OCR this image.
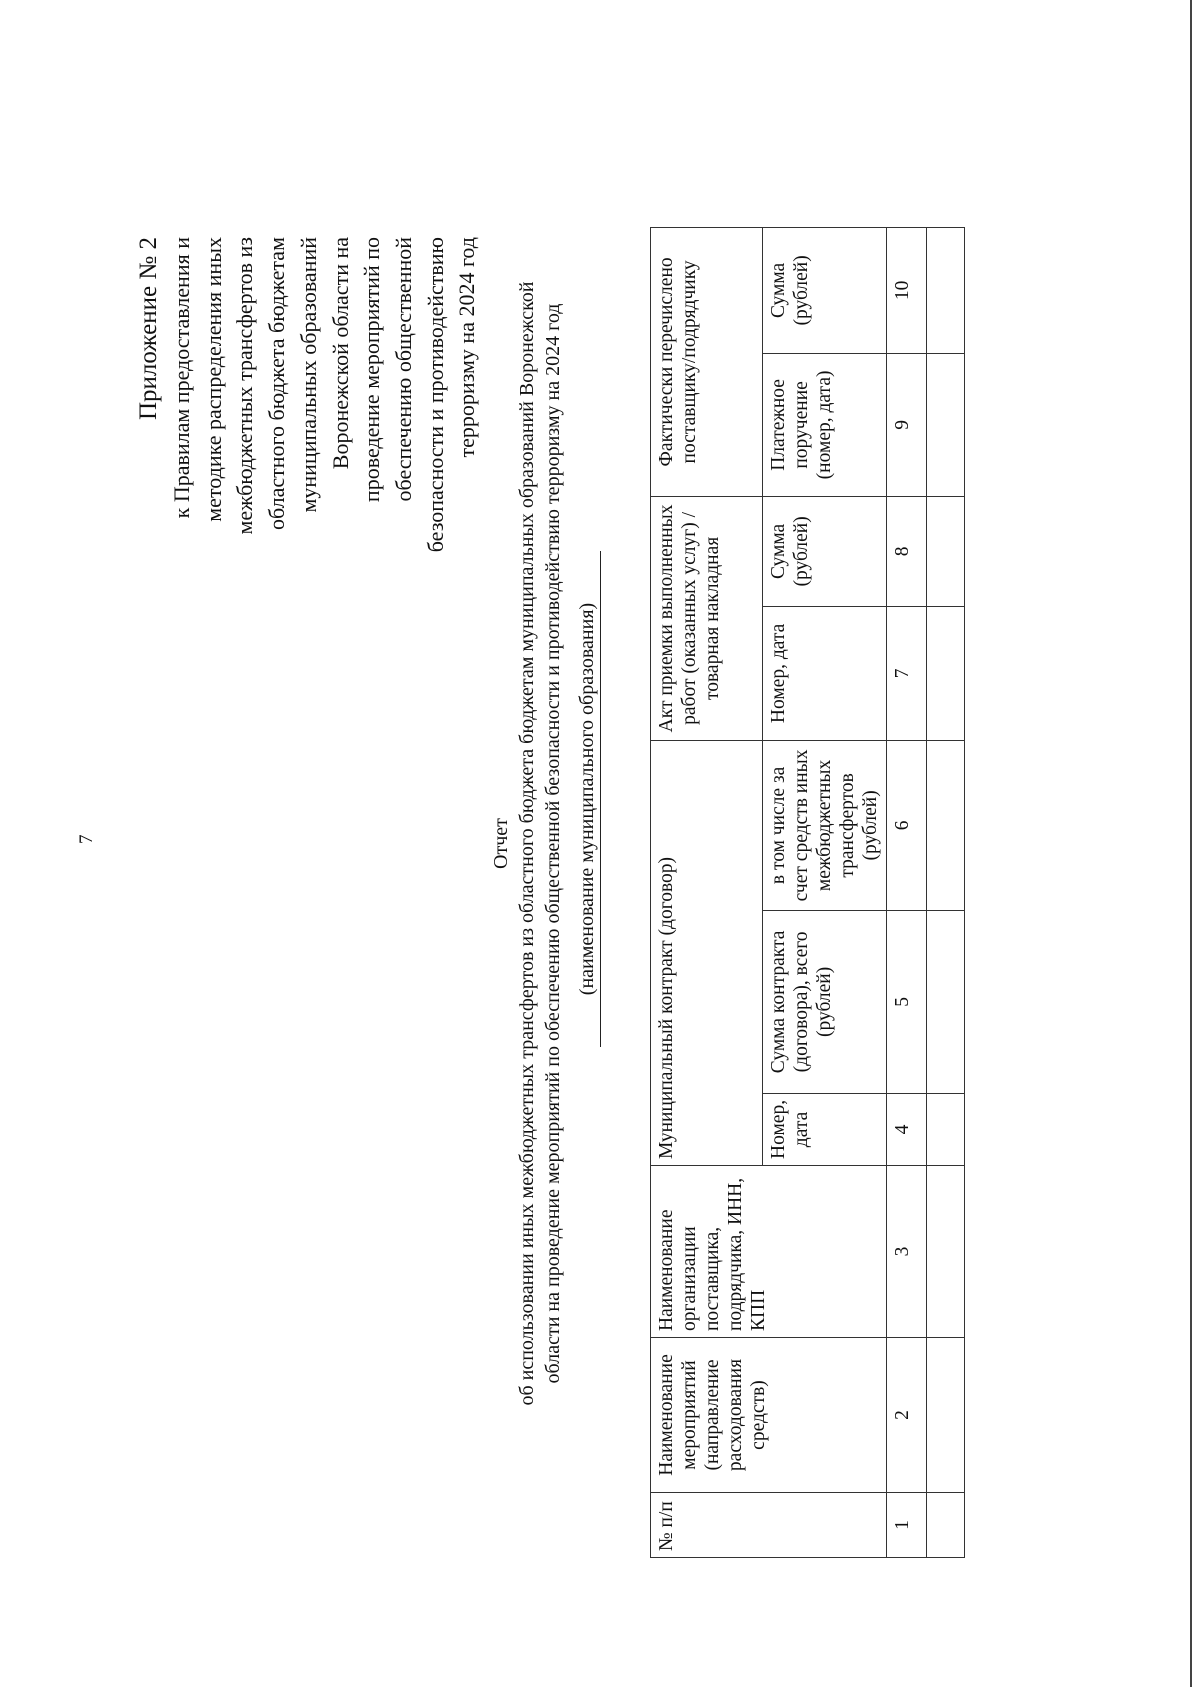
7
Приложение № 2 к Правилам предоставления и методике распределения иных межбюджетных трансфертов из областного бюджета бюджетам муниципальных образований Воронежской области на проведение мероприятий по обеспечению общественной безопасности и противодействию терроризму на 2024 год
Отчет об использовании иных межбюджетных трансфертов из областного бюджета бюджетам муниципальных образований Воронежской области на проведение мероприятий по обеспечению общественной безопасности и противодействию терроризму на 2024 год (наименование муниципального образования)
№ п/п	Наименование мероприятий (направление расходования средств)	Наименование организации поставщика, подрядчика, ИНН, КПП	Муниципальный контракт (договор)			Акт приемки выполненных работ (оказанных услуг) / товарная накладная		Фактически перечислено поставщику/подрядчику	
			Номер, дата	Сумма контракта (договора), всего (рублей)	в том числе за счет средств иных межбюджетных трансфертов (рублей)	Номер, дата	Сумма (рублей)	Платежное поручение (номер, дата)	Сумма (рублей)
1	2	3	4	5	6	7	8	9	10
